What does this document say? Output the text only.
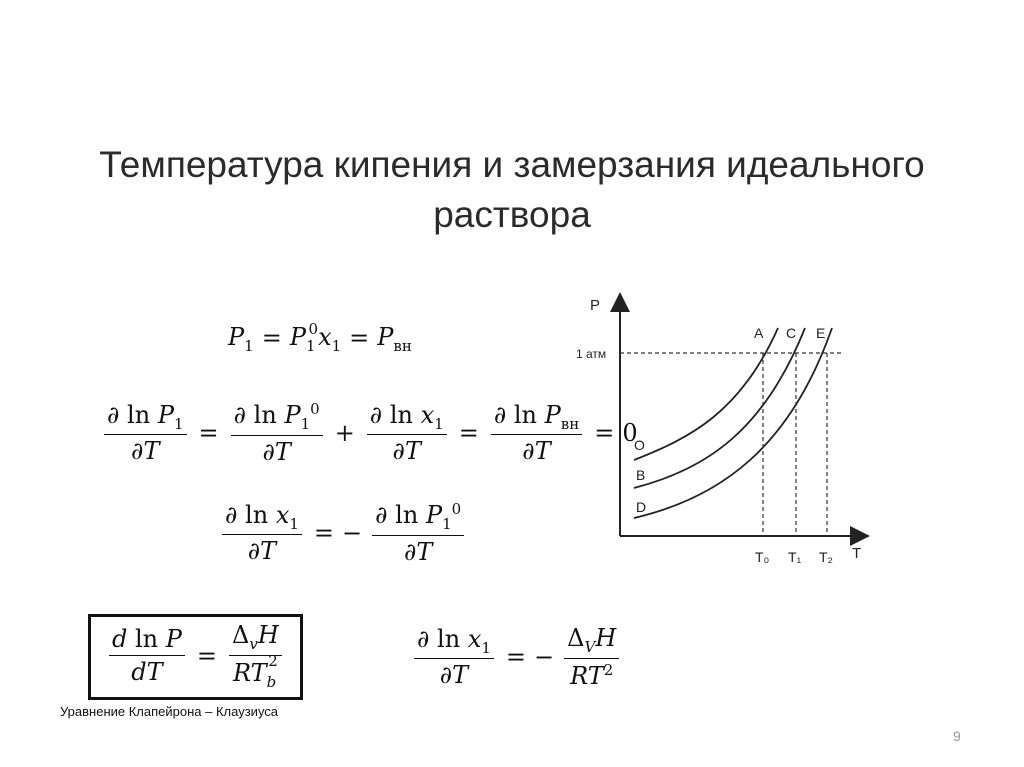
Температура кипения и замерзания идеального
раствора
$P_1 = P_1^0x_1 = P_{вн}$
$\frac{\partial \ln P_1}{\partial T} = \frac{\partial \ln P_1^0}{\partial T} + \frac{\partial \ln x_1}{\partial T} = \frac{\partial \ln P_{вн}}{\partial T} = 0$
$\frac{\partial \ln x_1}{\partial T}$ = − $\frac{\partial \ln P_1^0}{\partial T}$
$\frac{\text{d ln P}}{dT} = \frac{\Delta_vH}{RT_b^2}$	$\frac{\partial \ln x_1}{\partial T}$ = − $\frac{\Delta_VH}{RT^2}$
Уравнение Клапейрона – Клаузиуса
9
P
T
1 атм
A C E
O
B
D
T₀ T₁ T₂
